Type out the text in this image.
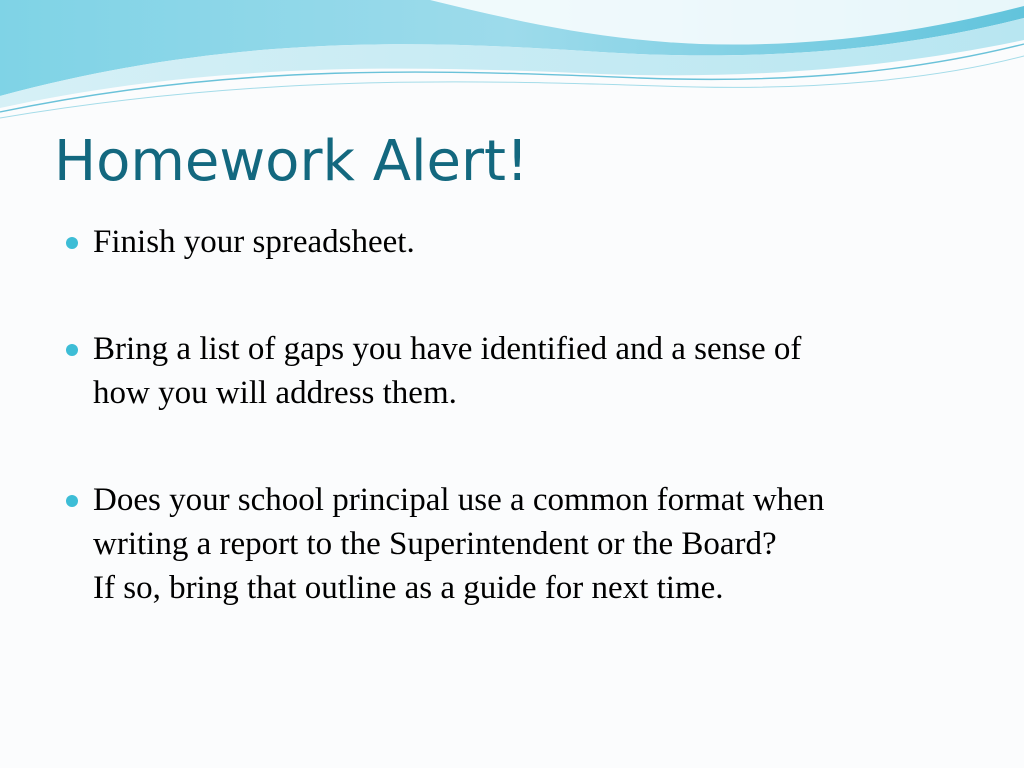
Homework Alert!
Finish your spreadsheet.
Bring a list of gaps you have identified and a sense of
how you will address them.
Does your school principal use a common format when
writing a report to the Superintendent or the Board?
If so, bring that outline as a guide for next time.
